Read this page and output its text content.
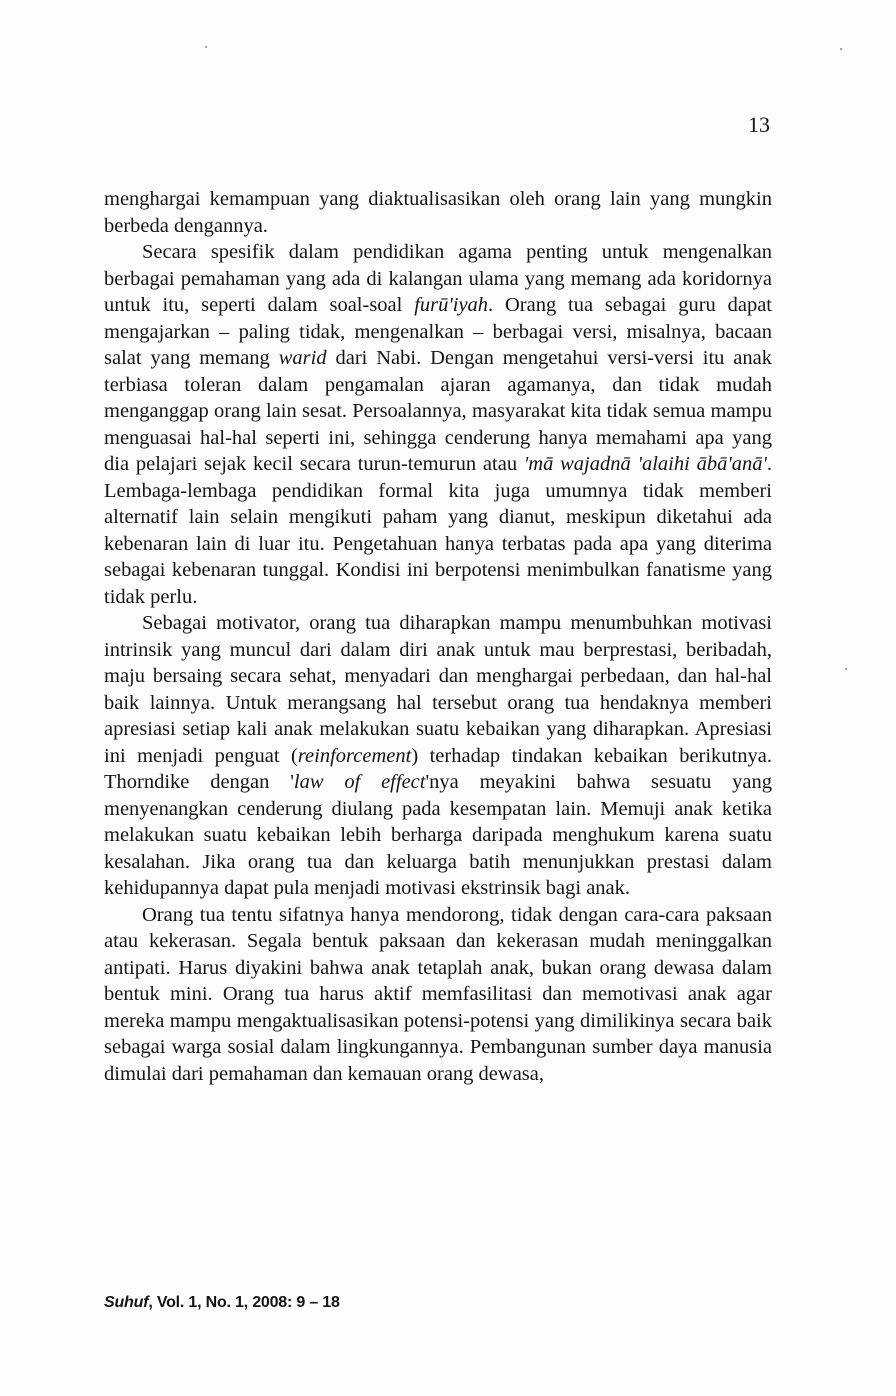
13

menghargai kemampuan yang diaktualisasikan oleh orang lain yang mungkin berbeda dengannya.

Secara spesifik dalam pendidikan agama penting untuk mengenalkan berbagai pemahaman yang ada di kalangan ulama yang memang ada koridornya untuk itu, seperti dalam soal-soal furū'iyah. Orang tua sebagai guru dapat mengajarkan – paling tidak, mengenalkan – berbagai versi, misalnya, bacaan salat yang memang warid dari Nabi. Dengan mengetahui versi-versi itu anak terbiasa toleran dalam pengamalan ajaran agamanya, dan tidak mudah menganggap orang lain sesat. Persoalannya, masyarakat kita tidak semua mampu menguasai hal-hal seperti ini, sehingga cenderung hanya memahami apa yang dia pelajari sejak kecil secara turun-temurun atau 'mā wajadnā 'alaihi ābā'anā'. Lembaga-lembaga pendidikan formal kita juga umumnya tidak memberi alternatif lain selain mengikuti paham yang dianut, meskipun diketahui ada kebenaran lain di luar itu. Pengetahuan hanya terbatas pada apa yang diterima sebagai kebenaran tunggal. Kondisi ini berpotensi menimbulkan fanatisme yang tidak perlu.

Sebagai motivator, orang tua diharapkan mampu menumbuhkan motivasi intrinsik yang muncul dari dalam diri anak untuk mau berprestasi, beribadah, maju bersaing secara sehat, menyadari dan menghargai perbedaan, dan hal-hal baik lainnya. Untuk merangsang hal tersebut orang tua hendaknya memberi apresiasi setiap kali anak melakukan suatu kebaikan yang diharapkan. Apresiasi ini menjadi penguat (reinforcement) terhadap tindakan kebaikan berikutnya. Thorndike dengan 'law of effect'nya meyakini bahwa sesuatu yang menyenangkan cenderung diulang pada kesempatan lain. Memuji anak ketika melakukan suatu kebaikan lebih berharga daripada menghukum karena suatu kesalahan. Jika orang tua dan keluarga batih menunjukkan prestasi dalam kehidupannya dapat pula menjadi motivasi ekstrinsik bagi anak.

Orang tua tentu sifatnya hanya mendorong, tidak dengan cara-cara paksaan atau kekerasan. Segala bentuk paksaan dan kekerasan mudah meninggalkan antipati. Harus diyakini bahwa anak tetaplah anak, bukan orang dewasa dalam bentuk mini. Orang tua harus aktif memfasilitasi dan memotivasi anak agar mereka mampu mengaktualisasikan potensi-potensi yang dimilikinya secara baik sebagai warga sosial dalam lingkungannya. Pembangunan sumber daya manusia dimulai dari pemahaman dan kemauan orang dewasa,

Suhuf, Vol. 1, No. 1, 2008: 9 – 18
